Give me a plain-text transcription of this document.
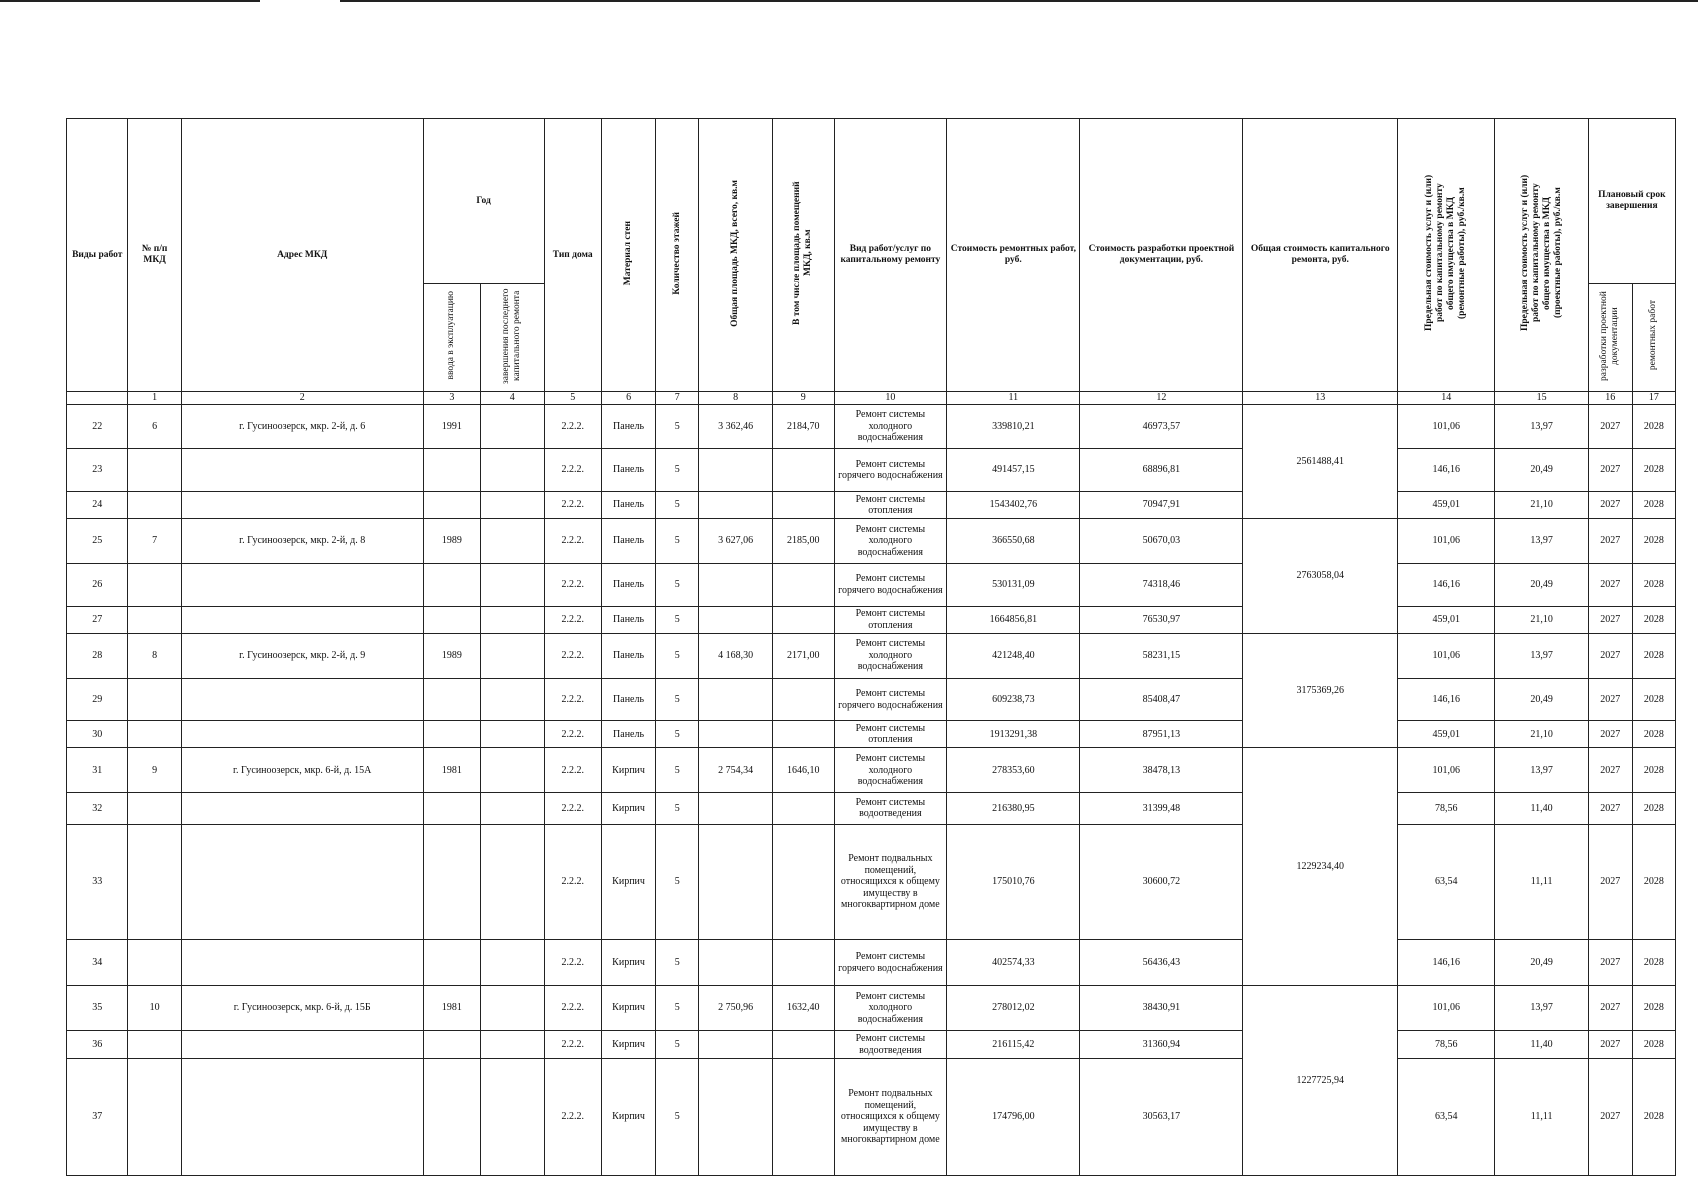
Виды работ	№ п/п МКД	Адрес МКД	Год		Тип дома	Материал стен	Количество этажей	Общая площадь МКД, всего, кв.м	В том числе площадь помещений МКД, кв.м	Вид работ/услуг по капитальному ремонту	Стоимость ремонтных работ, руб.	Стоимость разработки проектной документации, руб.	Общая стоимость капитального ремонта, руб.	Предельная стоимость услуг и (или) работ по капитальному ремонту общего имущества в МКД (ремонтные работы), руб./кв.м	Предельная стоимость услуг и (или) работ по капитальному ремонту общего имущества в МКД (проектные работы), руб./кв.м	Плановый срок завершения	
			ввода в эксплуатацию	завершения последнего капитального ремонта												разработки проектной документации	ремонтных работ
	1	2	3	4	5	6	7	8	9	10	11	12	13	14	15	16	17
22	6	г. Гусиноозерск, мкр. 2-й, д. 6	1991		2.2.2.	Панель	5	3 362,46	2184,70	Ремонт системы холодного водоснабжения	339810,21	46973,57	2561488,41	101,06	13,97	2027	2028
23					2.2.2.	Панель	5			Ремонт системы горячего водоснабжения	491457,15	68896,81		146,16	20,49	2027	2028
24					2.2.2.	Панель	5			Ремонт системы отопления	1543402,76	70947,91		459,01	21,10	2027	2028
25	7	г. Гусиноозерск, мкр. 2-й, д. 8	1989		2.2.2.	Панель	5	3 627,06	2185,00	Ремонт системы холодного водоснабжения	366550,68	50670,03	2763058,04	101,06	13,97	2027	2028
26					2.2.2.	Панель	5			Ремонт системы горячего водоснабжения	530131,09	74318,46		146,16	20,49	2027	2028
27					2.2.2.	Панель	5			Ремонт системы отопления	1664856,81	76530,97		459,01	21,10	2027	2028
28	8	г. Гусиноозерск, мкр. 2-й, д. 9	1989		2.2.2.	Панель	5	4 168,30	2171,00	Ремонт системы холодного водоснабжения	421248,40	58231,15	3175369,26	101,06	13,97	2027	2028
29					2.2.2.	Панель	5			Ремонт системы горячего водоснабжения	609238,73	85408,47		146,16	20,49	2027	2028
30					2.2.2.	Панель	5			Ремонт системы отопления	1913291,38	87951,13		459,01	21,10	2027	2028
31	9	г. Гусиноозерск, мкр. 6-й, д. 15А	1981		2.2.2.	Кирпич	5	2 754,34	1646,10	Ремонт системы холодного водоснабжения	278353,60	38478,13	1229234,40	101,06	13,97	2027	2028
32					2.2.2.	Кирпич	5			Ремонт системы водоотведения	216380,95	31399,48		78,56	11,40	2027	2028
33					2.2.2.	Кирпич	5			Ремонт подвальных помещений, относящихся к общему имуществу в многоквартирном доме	175010,76	30600,72		63,54	11,11	2027	2028
34					2.2.2.	Кирпич	5			Ремонт системы горячего водоснабжения	402574,33	56436,43		146,16	20,49	2027	2028
35	10	г. Гусиноозерск, мкр. 6-й, д. 15Б	1981		2.2.2.	Кирпич	5	2 750,96	1632,40	Ремонт системы холодного водоснабжения	278012,02	38430,91	1227725,94	101,06	13,97	2027	2028
36					2.2.2.	Кирпич	5			Ремонт системы водоотведения	216115,42	31360,94		78,56	11,40	2027	2028
37					2.2.2.	Кирпич	5			Ремонт подвальных помещений, относящихся к общему имуществу в многоквартирном доме	174796,00	30563,17		63,54	11,11	2027	2028
